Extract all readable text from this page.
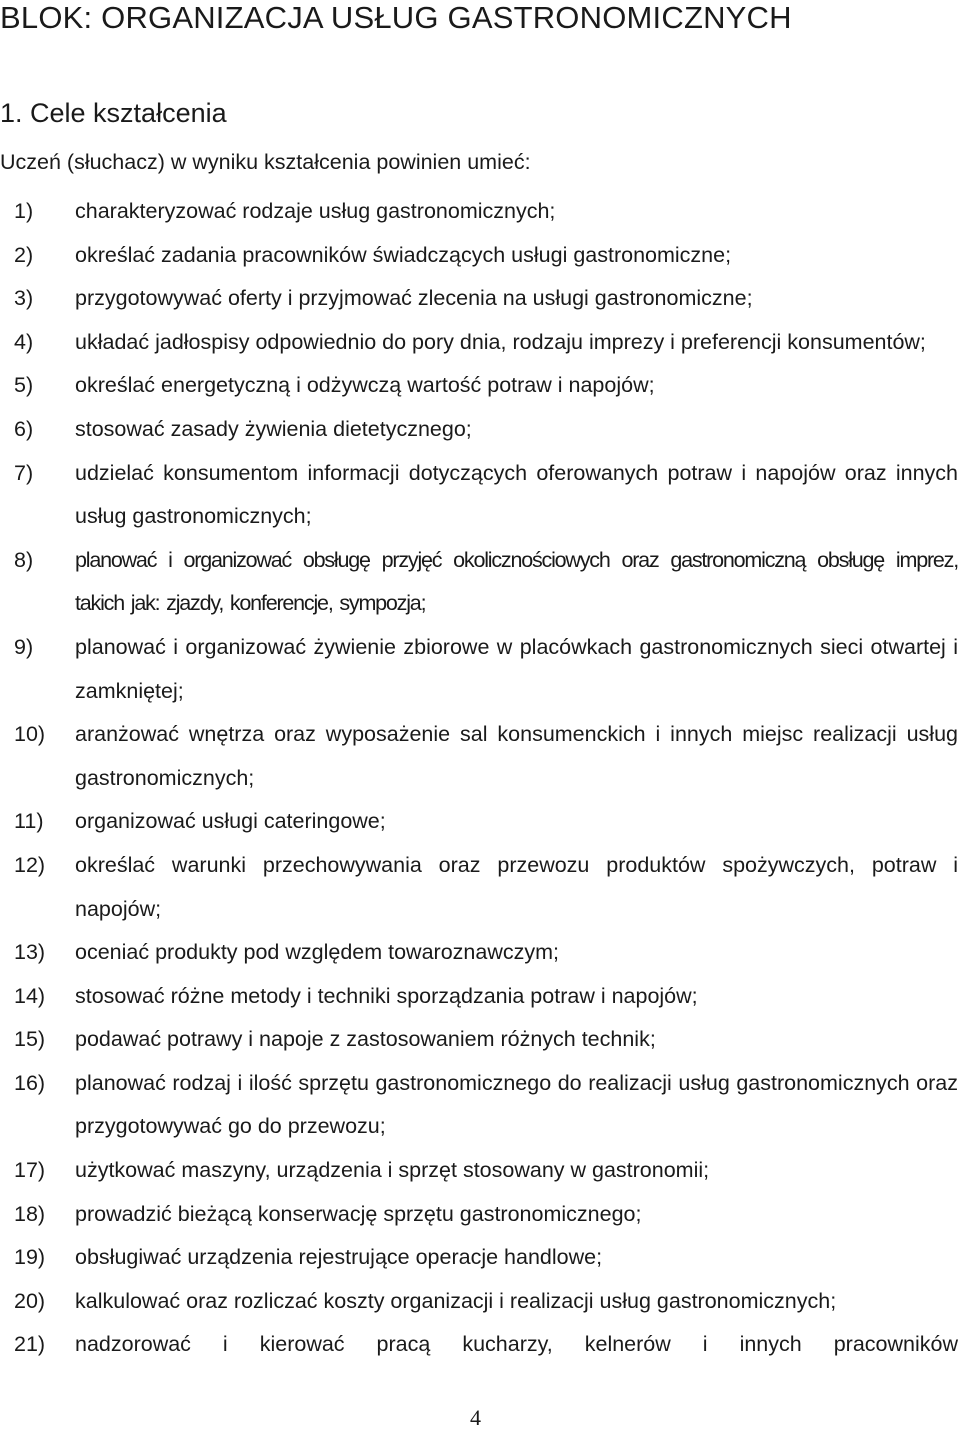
BLOK: ORGANIZACJA USŁUG GASTRONOMICZNYCH
1. Cele kształcenia
Uczeń (słuchacz) w wyniku kształcenia powinien umieć:
1)	charakteryzować rodzaje usług gastronomicznych;
2)	określać zadania pracowników świadczących usługi gastronomiczne;
3)	przygotowywać oferty i przyjmować zlecenia na usługi gastronomiczne;
4)	układać jadłospisy odpowiednio do pory dnia, rodzaju imprezy i preferencji konsumentów;
5)	określać energetyczną i odżywczą wartość potraw i napojów;
6)	stosować zasady żywienia dietetycznego;
7)	udzielać konsumentom informacji dotyczących oferowanych potraw i napojów oraz innych usług gastronomicznych;
8)	planować i organizować obsługę przyjęć okolicznościowych oraz gastronomiczną obsługę imprez, takich jak: zjazdy, konferencje, sympozja;
9)	planować i organizować żywienie zbiorowe w placówkach gastronomicznych sieci otwartej i zamkniętej;
10)	aranżować wnętrza oraz wyposażenie sal konsumenckich i innych miejsc realizacji usług gastronomicznych;
11)	organizować usługi cateringowe;
12)	określać warunki przechowywania oraz przewozu produktów spożywczych, potraw i napojów;
13)	oceniać produkty pod względem towaroznawczym;
14)	stosować różne metody i techniki sporządzania potraw i napojów;
15)	podawać potrawy i napoje z zastosowaniem różnych technik;
16)	planować rodzaj i ilość sprzętu gastronomicznego do realizacji usług gastronomicznych oraz przygotowywać go do przewozu;
17)	użytkować maszyny, urządzenia i sprzęt stosowany w gastronomii;
18)	prowadzić bieżącą konserwację sprzętu gastronomicznego;
19)	obsługiwać urządzenia rejestrujące operacje handlowe;
20)	kalkulować oraz rozliczać koszty organizacji i realizacji usług gastronomicznych;
21)	nadzorować i kierować pracą kucharzy, kelnerów i innych pracowników
4
